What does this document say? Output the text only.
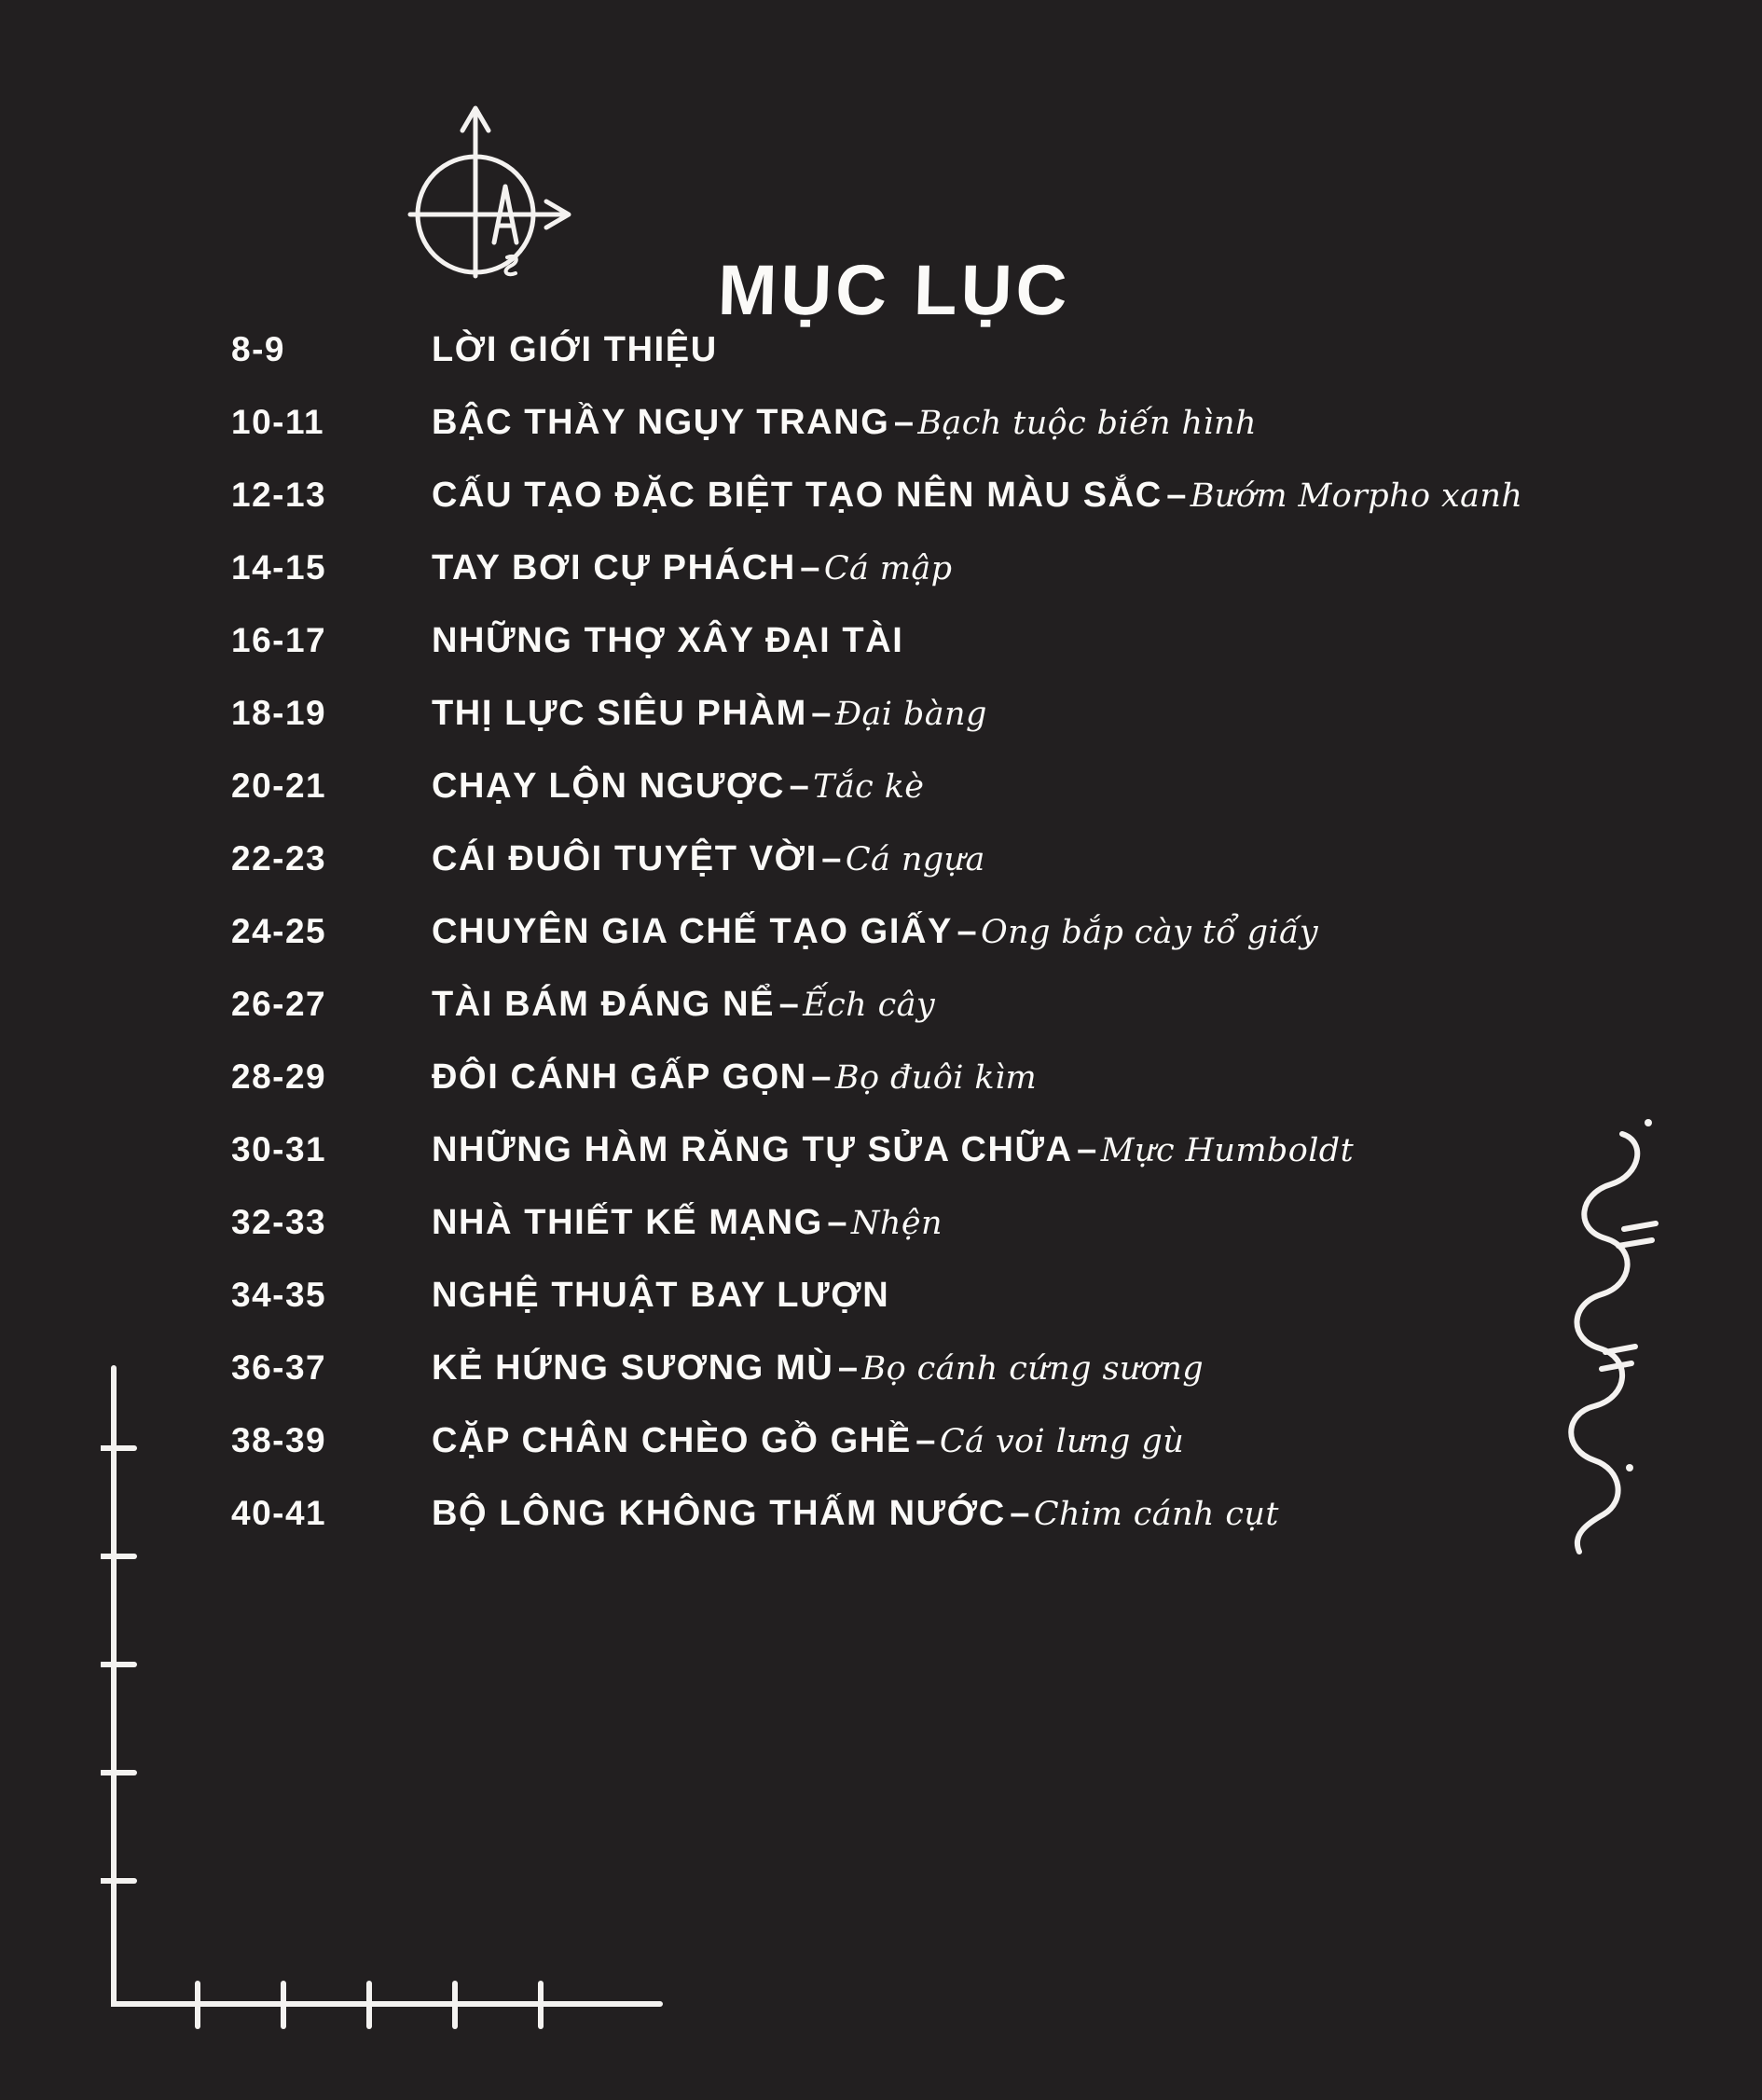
MỤC LỤC
8-9	LỜI GIỚI THIỆU
10-11	BẬC THẦY NGỤY TRANG – Bạch tuộc biến hình
12-13	CẤU TẠO ĐẶC BIỆT TẠO NÊN MÀU SẮC – Bướm Morpho xanh
14-15	TAY BƠI CỰ PHÁCH – Cá mập
16-17	NHỮNG THỢ XÂY ĐẠI TÀI
18-19	THỊ LỰC SIÊU PHÀM – Đại bàng
20-21	CHẠY LỘN NGƯỢC – Tắc kè
22-23	CÁI ĐUÔI TUYỆT VỜI – Cá ngựa
24-25	CHUYÊN GIA CHẾ TẠO GIẤY – Ong bắp cày tổ giấy
26-27	TÀI BÁM ĐÁNG NỂ – Ếch cây
28-29	ĐÔI CÁNH GẤP GỌN – Bọ đuôi kìm
30-31	NHỮNG HÀM RĂNG TỰ SỬA CHỮA – Mực Humboldt
32-33	NHÀ THIẾT KẾ MẠNG – Nhện
34-35	NGHỆ THUẬT BAY LƯỢN
36-37	KẺ HỨNG SƯƠNG MÙ – Bọ cánh cứng sương
38-39	CẶP CHÂN CHÈO GỒ GHỀ – Cá voi lưng gù
40-41	BỘ LÔNG KHÔNG THẤM NƯỚC – Chim cánh cụt
